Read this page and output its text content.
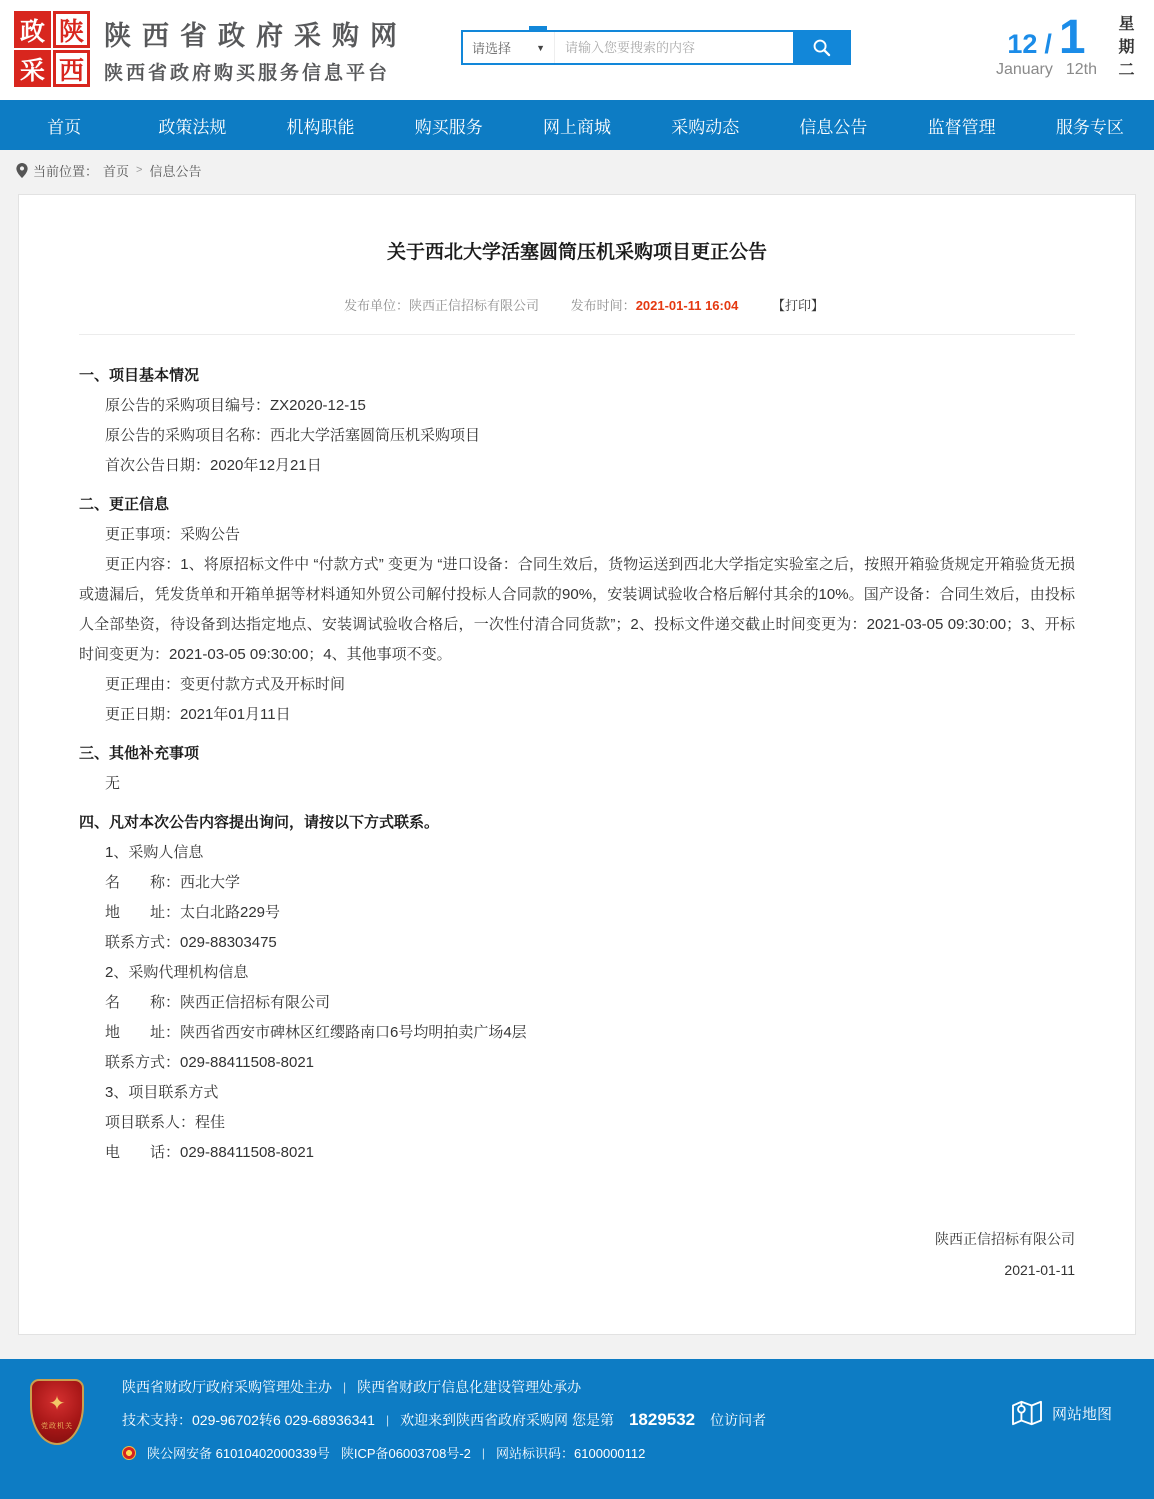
政 陕
采 西
陕西省政府采购网
陕西省政府购买服务信息平台
请选择	▼
请输入您要搜索的内容	12 / 1
January 12th 星期二
首页	政策法规	机构职能	购买服务	网上商城	采购动态	信息公告	监督管理	服务专区
当前位置： 首页 > 信息公告
关于西北大学活塞圆筒压机采购项目更正公告
发布单位：陕西正信招标有限公司 发布时间：2021-01-11 16:04	【打印】

一、项目基本情况

原公告的采购项目编号：ZX2020-12-15

原公告的采购项目名称：西北大学活塞圆筒压机采购项目

首次公告日期：2020年12月21日

二、更正信息

更正事项：采购公告

更正内容：1、将原招标文件中 “付款方式” 变更为 “进口设备：合同生效后，货物运送到西北大学指定实验室之后，按照开箱验货规定开箱验货无损或遗漏后，凭发货单和开箱单据等材料通知外贸公司解付投标人合同款的90%，安装调试验收合格后解付其余的10%。国产设备：合同生效后，由投标人全部垫资，待设备到达指定地点、安装调试验收合格后，一次性付清合同货款”；2、投标文件递交截止时间变更为：2021-03-05 09:30:00；3、开标时间变更为：2021-03-05 09:30:00；4、其他事项不变。

更正理由：变更付款方式及开标时间

更正日期：2021年01月11日

三、其他补充事项

无

四、凡对本次公告内容提出询问，请按以下方式联系。

1、采购人信息

名　　称：西北大学

地　　址：太白北路229号

联系方式：029-88303475

2、采购代理机构信息

名　　称：陕西正信招标有限公司

地　　址：陕西省西安市碑林区红缨路南口6号均明拍卖广场4层

联系方式：029-88411508-8021

3、项目联系方式

项目联系人：程佳

电　　话：029-88411508-8021

陕西正信招标有限公司
2021-01-11
✦
党政机关
陕西省财政厅政府采购管理处主办 | 陕西省财政厅信息化建设管理处承办
技术支持：029-96702转6 029-68936341 | 欢迎来到陕西省政府采购网 您是第 1829532 位访问者
陕公网安备 61010402000339号 陕ICP备06003708号-2 | 网站标识码：6100000112
网站地图
